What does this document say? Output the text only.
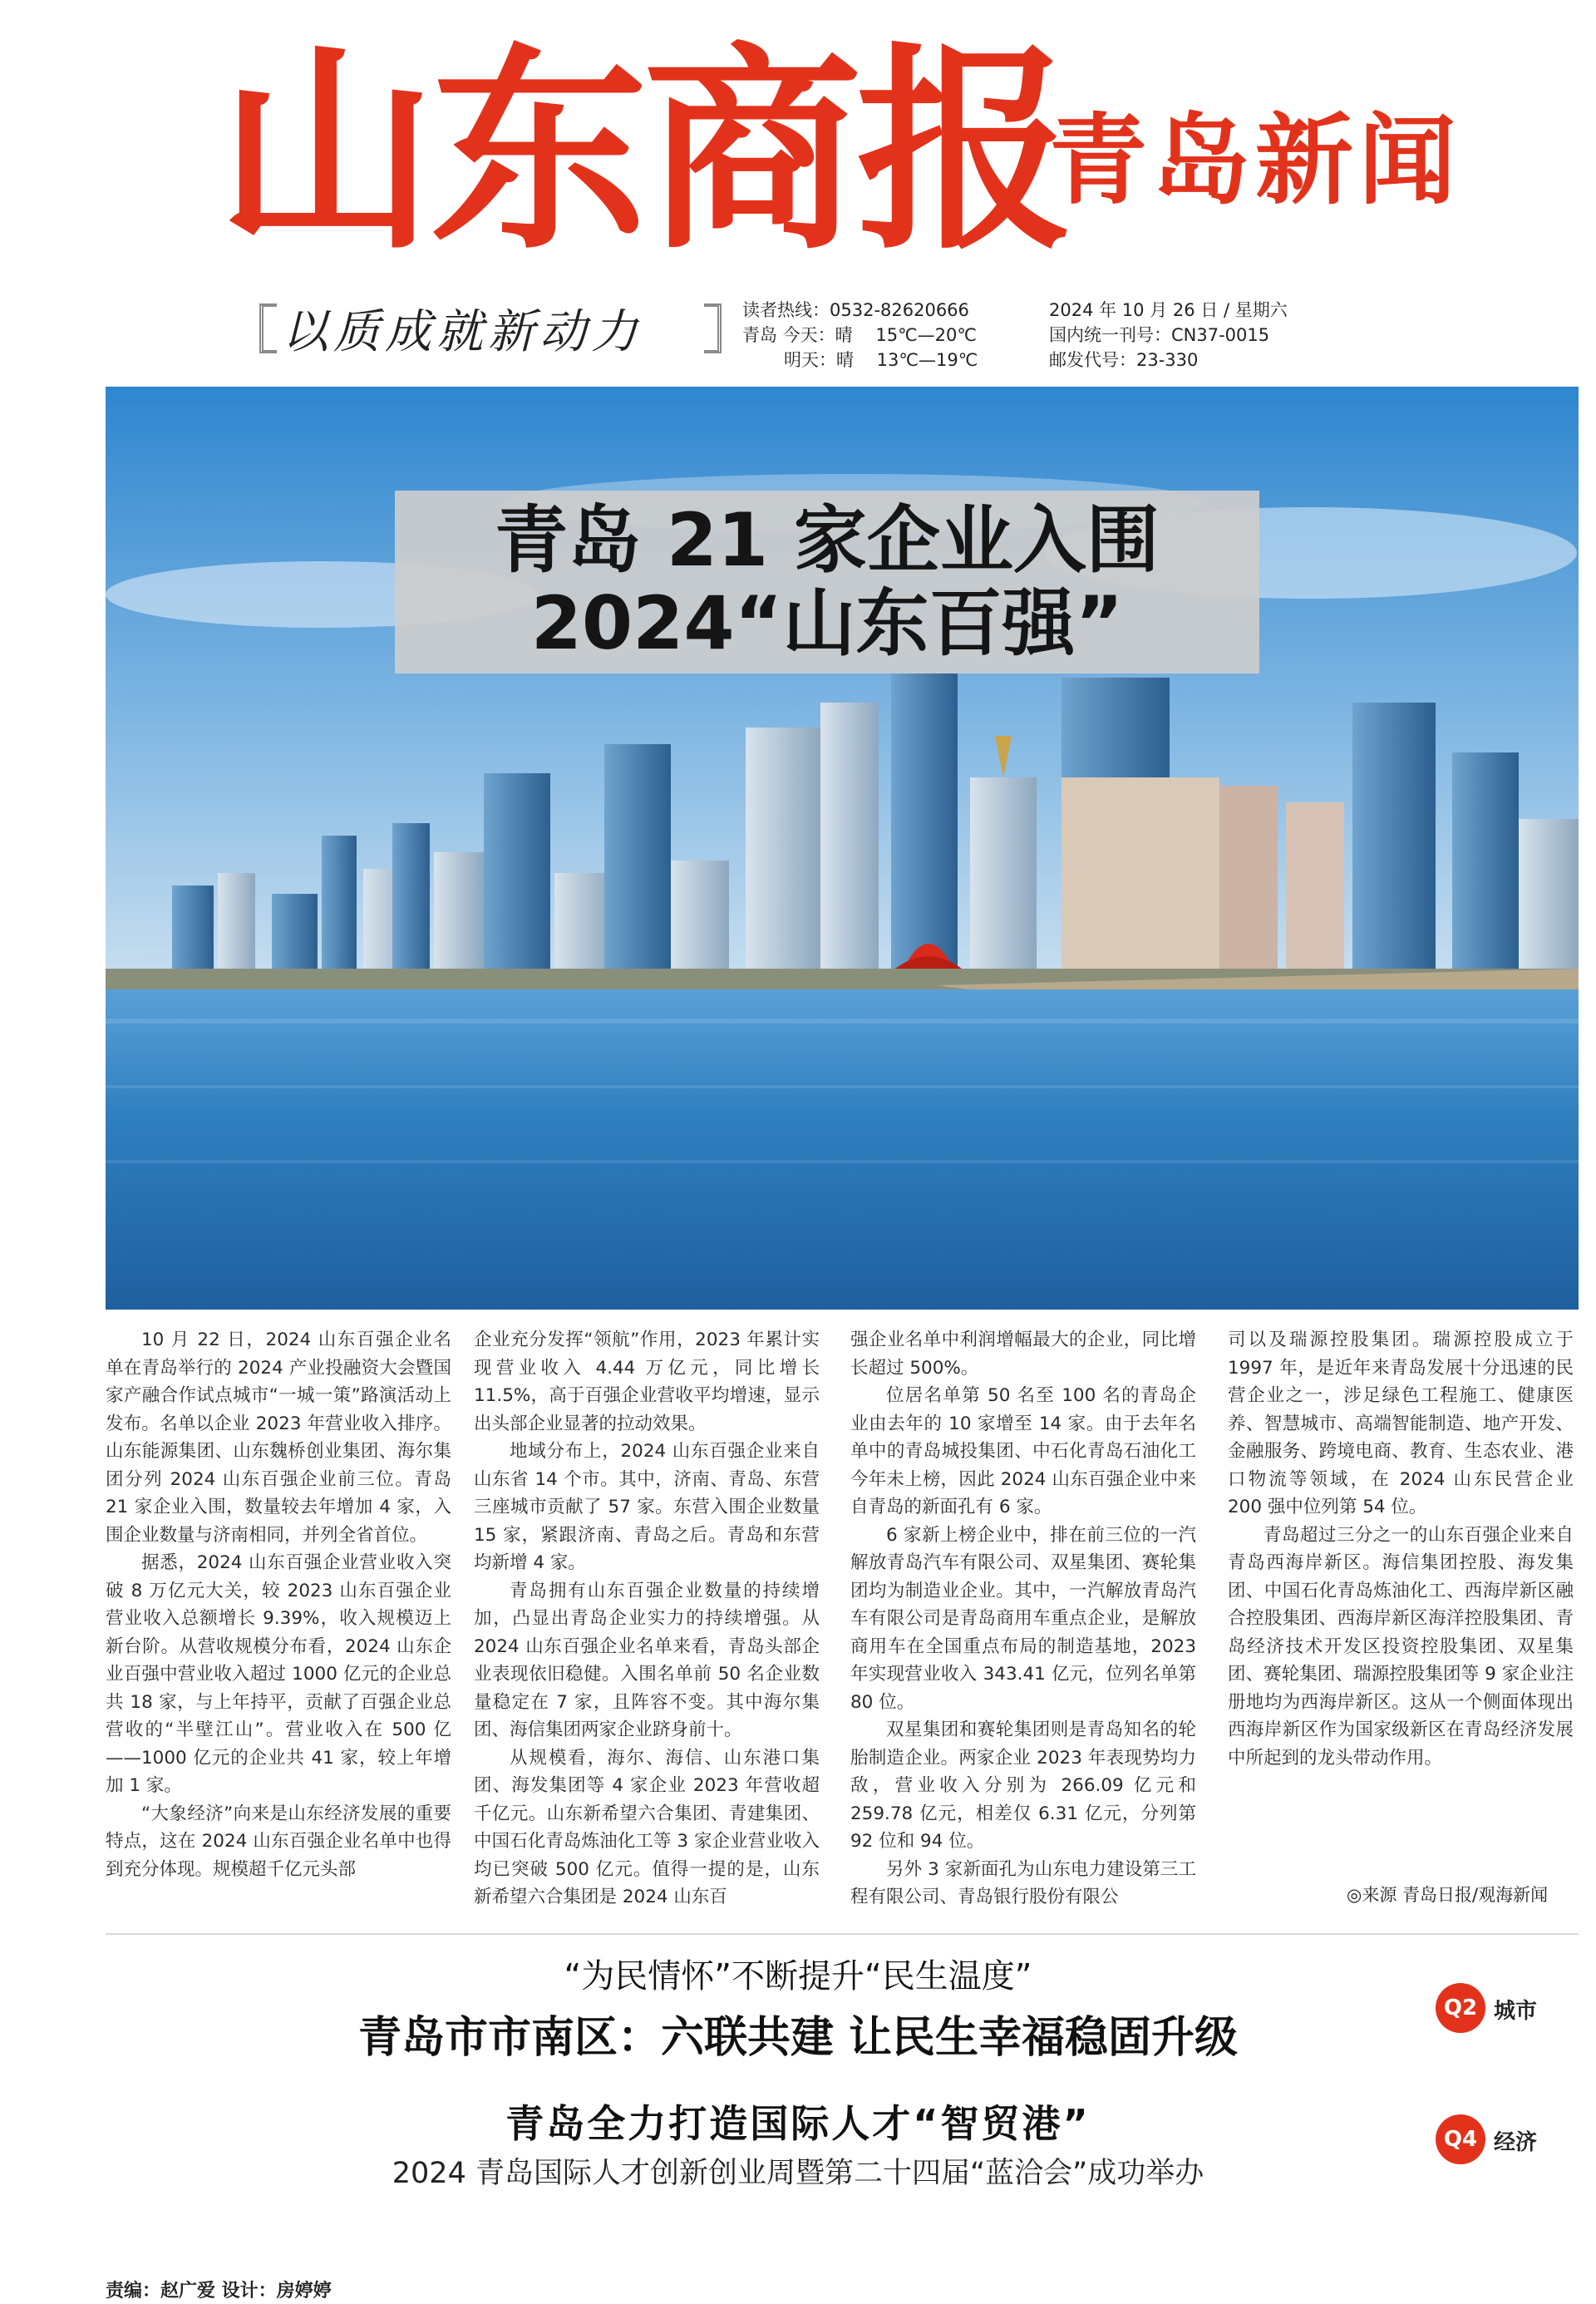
山东商报
青岛新闻
以质成就新动力	读者热线：0532-82620666
青岛 今天：晴　 15℃—20℃
明天：晴　 13℃—19℃
2024 年 10 月 26 日 / 星期六
国内统一刊号：CN37-0015
邮发代号：23-330
青岛 21 家企业入围
2024“山东百强”

10 月 22 日，2024 山东百强企业名单在青岛举行的 2024 产业投融资大会暨国家产融合作试点城市“一城一策”路演活动上发布。名单以企业 2023 年营业收入排序。山东能源集团、山东魏桥创业集团、海尔集团分列 2024 山东百强企业前三位。青岛 21 家企业入围，数量较去年增加 4 家，入围企业数量与济南相同，并列全省首位。

据悉，2024 山东百强企业营业收入突破 8 万亿元大关，较 2023 山东百强企业营业收入总额增长 9.39%，收入规模迈上新台阶。从营收规模分布看，2024 山东企业百强中营业收入超过 1000 亿元的企业总共 18 家，与上年持平，贡献了百强企业总营收的“半壁江山”。营业收入在 500 亿——1000 亿元的企业共 41 家，较上年增加 1 家。

“大象经济”向来是山东经济发展的重要特点，这在 2024 山东百强企业名单中也得到充分体现。规模超千亿元头部

企业充分发挥“领航”作用，2023 年累计实现营业收入 4.44 万亿元，同比增长 11.5%，高于百强企业营收平均增速，显示出头部企业显著的拉动效果。

地域分布上，2024 山东百强企业来自山东省 14 个市。其中，济南、青岛、东营三座城市贡献了 57 家。东营入围企业数量 15 家，紧跟济南、青岛之后。青岛和东营均新增 4 家。

青岛拥有山东百强企业数量的持续增加，凸显出青岛企业实力的持续增强。从 2024 山东百强企业名单来看，青岛头部企业表现依旧稳健。入围名单前 50 名企业数量稳定在 7 家，且阵容不变。其中海尔集团、海信集团两家企业跻身前十。

从规模看，海尔、海信、山东港口集团、海发集团等 4 家企业 2023 年营收超千亿元。山东新希望六合集团、青建集团、中国石化青岛炼油化工等 3 家企业营业收入均已突破 500 亿元。值得一提的是，山东新希望六合集团是 2024 山东百

强企业名单中利润增幅最大的企业，同比增长超过 500%。

位居名单第 50 名至 100 名的青岛企业由去年的 10 家增至 14 家。由于去年名单中的青岛城投集团、中石化青岛石油化工今年未上榜，因此 2024 山东百强企业中来自青岛的新面孔有 6 家。

6 家新上榜企业中，排在前三位的一汽解放青岛汽车有限公司、双星集团、赛轮集团均为制造业企业。其中，一汽解放青岛汽车有限公司是青岛商用车重点企业，是解放商用车在全国重点布局的制造基地，2023 年实现营业收入 343.41 亿元，位列名单第 80 位。

双星集团和赛轮集团则是青岛知名的轮胎制造企业。两家企业 2023 年表现势均力敌，营业收入分别为 266.09 亿元和 259.78 亿元，相差仅 6.31 亿元，分列第 92 位和 94 位。

另外 3 家新面孔为山东电力建设第三工程有限公司、青岛银行股份有限公

司以及瑞源控股集团。瑞源控股成立于 1997 年，是近年来青岛发展十分迅速的民营企业之一，涉足绿色工程施工、健康医养、智慧城市、高端智能制造、地产开发、金融服务、跨境电商、教育、生态农业、港口物流等领域，在 2024 山东民营企业 200 强中位列第 54 位。

青岛超过三分之一的山东百强企业来自青岛西海岸新区。海信集团控股、海发集团、中国石化青岛炼油化工、西海岸新区融合控股集团、西海岸新区海洋控股集团、青岛经济技术开发区投资控股集团、双星集团、赛轮集团、瑞源控股集团等 9 家企业注册地均为西海岸新区。这从一个侧面体现出西海岸新区作为国家级新区在青岛经济发展中所起到的龙头带动作用。

◎来源 青岛日报/观海新闻

“为民情怀”不断提升“民生温度”

青岛市市南区：六联共建 让民生幸福稳固升级

Q2 城市

青岛全力打造国际人才“智贸港”

2024 青岛国际人才创新创业周暨第二十四届“蓝洽会”成功举办

Q4 经济
责编：赵广爱 设计：房婷婷
